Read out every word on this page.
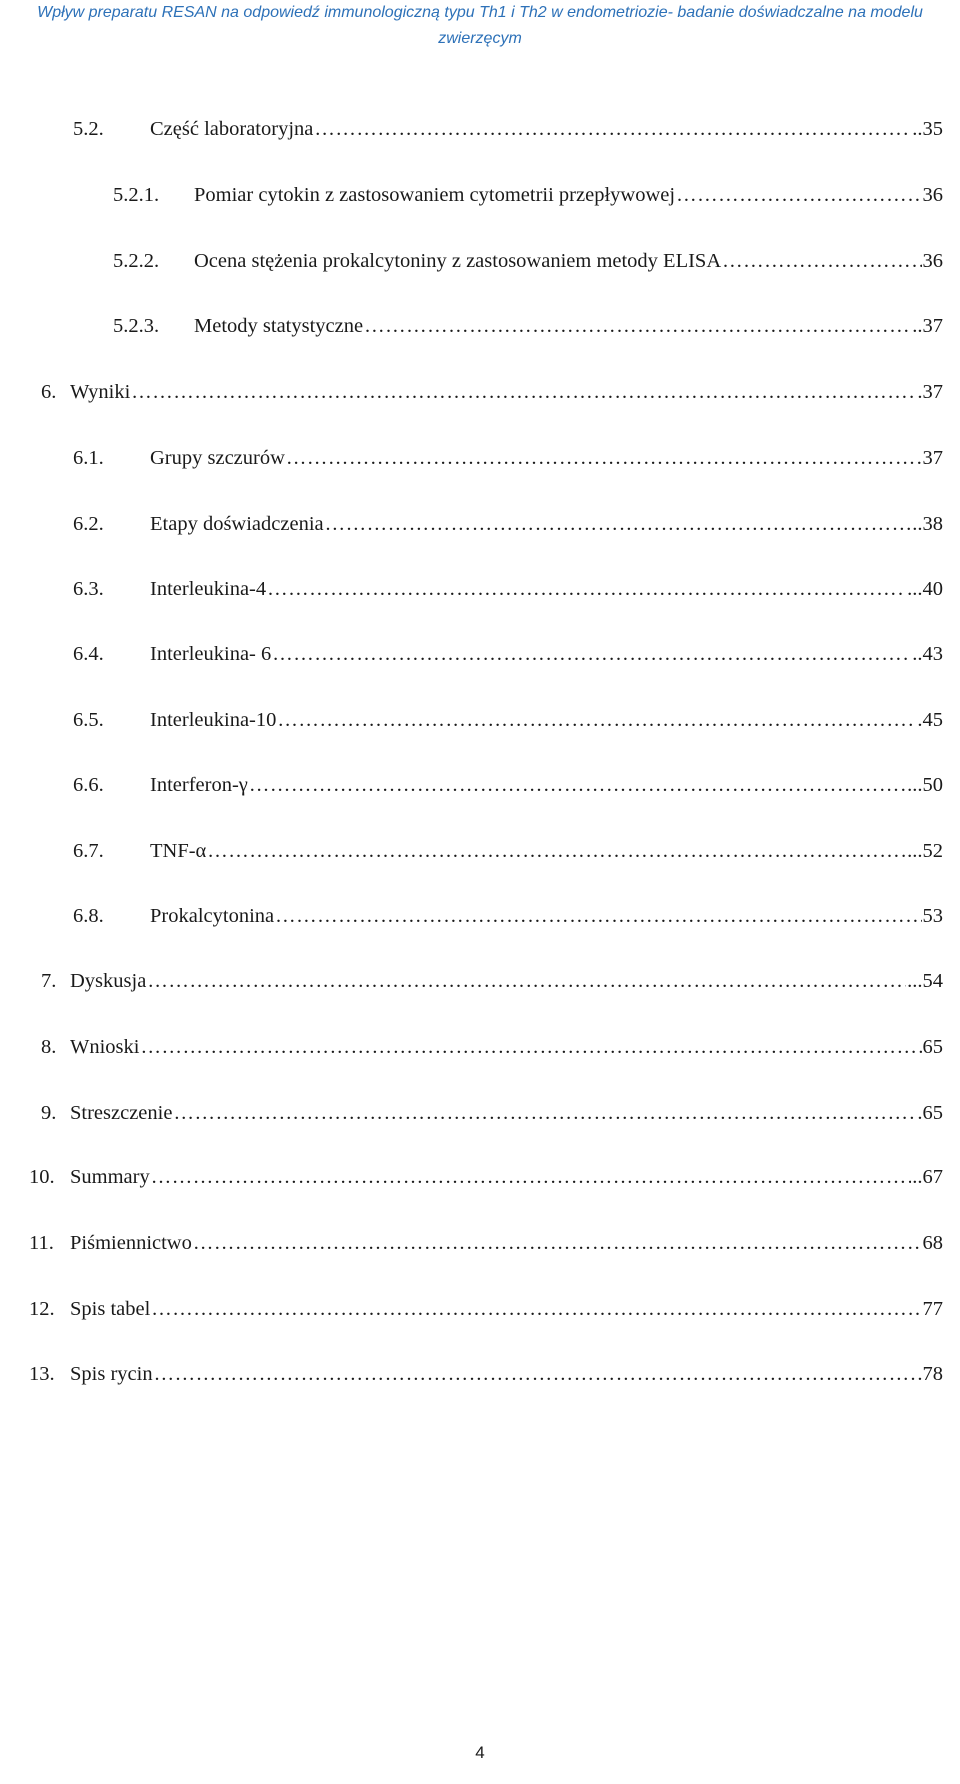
Wpływ preparatu RESAN na odpowiedź immunologiczną typu Th1 i Th2 w endometriozie- badanie doświadczalne na modelu
zwierzęcym
5.2.	Część laboratoryjna …………………………………………………………………………………………………………………………	..35
5.2.1.	Pomiar cytokin z zastosowaniem cytometrii przepływowej …………………………………………………………………………………………………………………………	36
5.2.2.	Ocena stężenia prokalcytoniny z zastosowaniem metody ELISA …………………………………………………………………………………………………………………………	36
5.2.3.	Metody statystyczne …………………………………………………………………………………………………………………………	..37
6. Wyniki …………………………………………………………………………………………………………………………	.37
6.1.	Grupy szczurów …………………………………………………………………………………………………………………………	37
6.2.	Etapy doświadczenia …………………………………………………………………………………………………………………………	..38
6.3.	Interleukina-4 …………………………………………………………………………………………………………………………	...40
6.4.	Interleukina- 6 …………………………………………………………………………………………………………………………	..43
6.5.	Interleukina-10 …………………………………………………………………………………………………………………………	.45
6.6.	Interferon-γ …………………………………………………………………………………………………………………………	...50
6.7.	TNF-α …………………………………………………………………………………………………………………………	...52
6.8.	Prokalcytonina …………………………………………………………………………………………………………………………	53
7. Dyskusja …………………………………………………………………………………………………………………………	...54
8. Wnioski …………………………………………………………………………………………………………………………	65
9. Streszczenie …………………………………………………………………………………………………………………………	.65
10. Summary …………………………………………………………………………………………………………………………	..67
11. Piśmiennictwo …………………………………………………………………………………………………………………………	68
12. Spis tabel …………………………………………………………………………………………………………………………	77
13. Spis rycin …………………………………………………………………………………………………………………………	.78
4
